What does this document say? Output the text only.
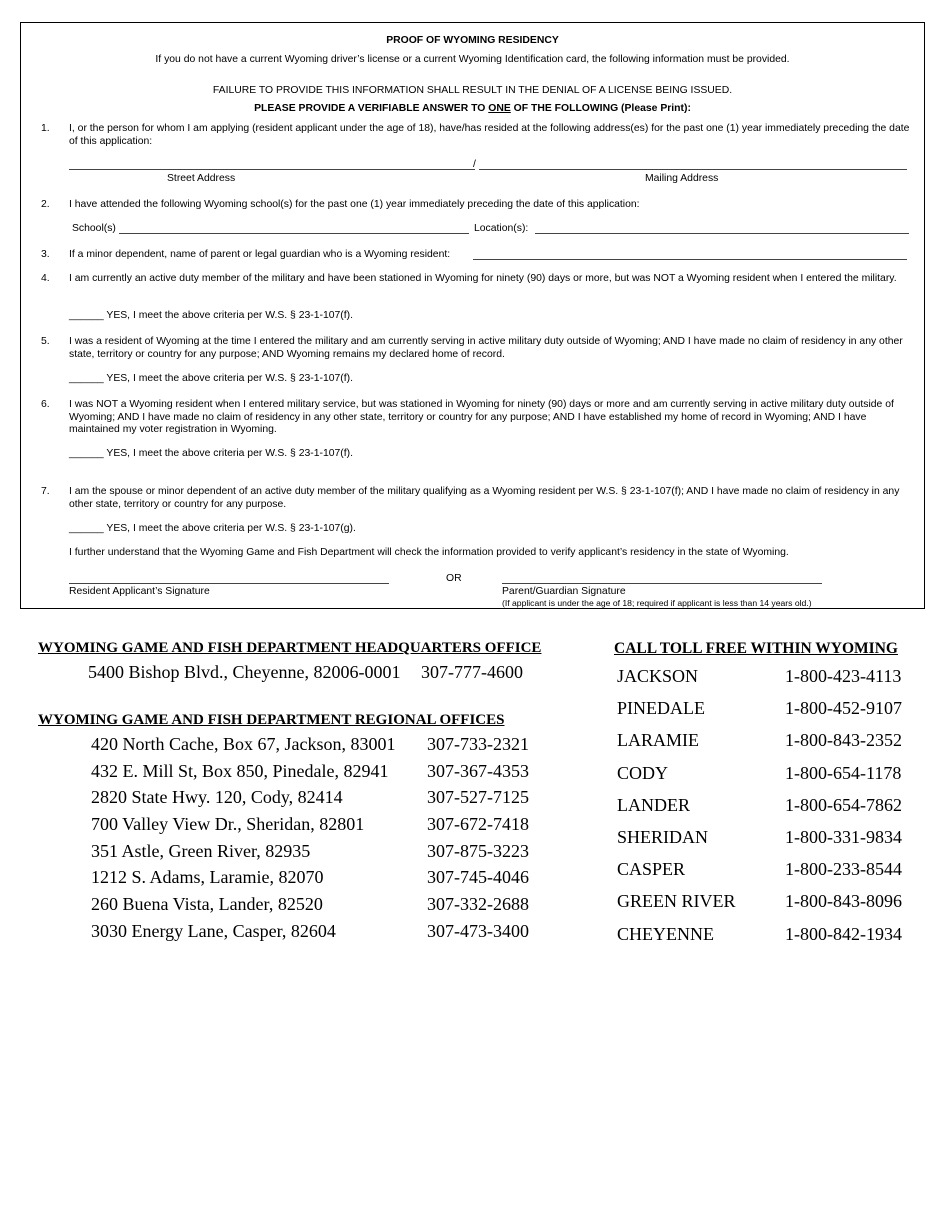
PROOF OF WYOMING RESIDENCY
If you do not have a current Wyoming driver’s license or a current Wyoming Identification card, the following information must be provided.
FAILURE TO PROVIDE THIS INFORMATION SHALL RESULT IN THE DENIAL OF A LICENSE BEING ISSUED.
PLEASE PROVIDE A VERIFIABLE ANSWER TO ONE OF THE FOLLOWING (Please Print):
1. I, or the person for whom I am applying (resident applicant under the age of 18), have/has resided at the following address(es) for the past one (1) year immediately preceding the date of this application:
/
Street Address	Mailing Address
2. I have attended the following Wyoming school(s) for the past one (1) year immediately preceding the date of this application:
School(s)	Location(s):
3. If a minor dependent, name of parent or legal guardian who is a Wyoming resident:
4. I am currently an active duty member of the military and have been stationed in Wyoming for ninety (90) days or more, but was NOT a Wyoming resident when I entered the military.
______ YES, I meet the above criteria per W.S. § 23-1-107(f).
5. I was a resident of Wyoming at the time I entered the military and am currently serving in active military duty outside of Wyoming; AND I have made no claim of residency in any other state, territory or country for any purpose; AND Wyoming remains my declared home of record.
______ YES, I meet the above criteria per W.S. § 23-1-107(f).
6. I was NOT a Wyoming resident when I entered military service, but was stationed in Wyoming for ninety (90) days or more and am currently serving in active military duty outside of Wyoming; AND I have made no claim of residency in any other state, territory or country for any purpose; AND I have established my home of record in Wyoming; AND I have maintained my voter registration in Wyoming.
______ YES, I meet the above criteria per W.S. § 23-1-107(f).
7. I am the spouse or minor dependent of an active duty member of the military qualifying as a Wyoming resident per W.S. § 23-1-107(f); AND I have made no claim of residency in any other state, territory or country for any purpose.
______ YES, I meet the above criteria per W.S. § 23-1-107(g).
I further understand that the Wyoming Game and Fish Department will check the information provided to verify applicant’s residency in the state of Wyoming.
OR
Resident Applicant’s Signature	Parent/Guardian Signature
(If applicant is under the age of 18; required if applicant is less than 14 years old.)
WYOMING GAME AND FISH DEPARTMENT HEADQUARTERS OFFICE
5400 Bishop Blvd., Cheyenne, 82006-0001 307-777-4600
WYOMING GAME AND FISH DEPARTMENT REGIONAL OFFICES
420 North Cache, Box 67, Jackson, 83001 307-733-2321
432 E. Mill St, Box 850, Pinedale, 82941 307-367-4353
2820 State Hwy. 120, Cody, 82414	307-527-7125
700 Valley View Dr., Sheridan, 82801	307-672-7418
351 Astle, Green River, 82935	307-875-3223
1212 S. Adams, Laramie, 82070	307-745-4046
260 Buena Vista, Lander, 82520	307-332-2688
3030 Energy Lane, Casper, 82604	307-473-3400
CALL TOLL FREE WITHIN WYOMING
JACKSON	1-800-423-4113
PINEDALE	1-800-452-9107
LARAMIE	1-800-843-2352
CODY	1-800-654-1178
LANDER	1-800-654-7862
SHERIDAN	1-800-331-9834
CASPER	1-800-233-8544
GREEN RIVER	1-800-843-8096
CHEYENNE	1-800-842-1934
